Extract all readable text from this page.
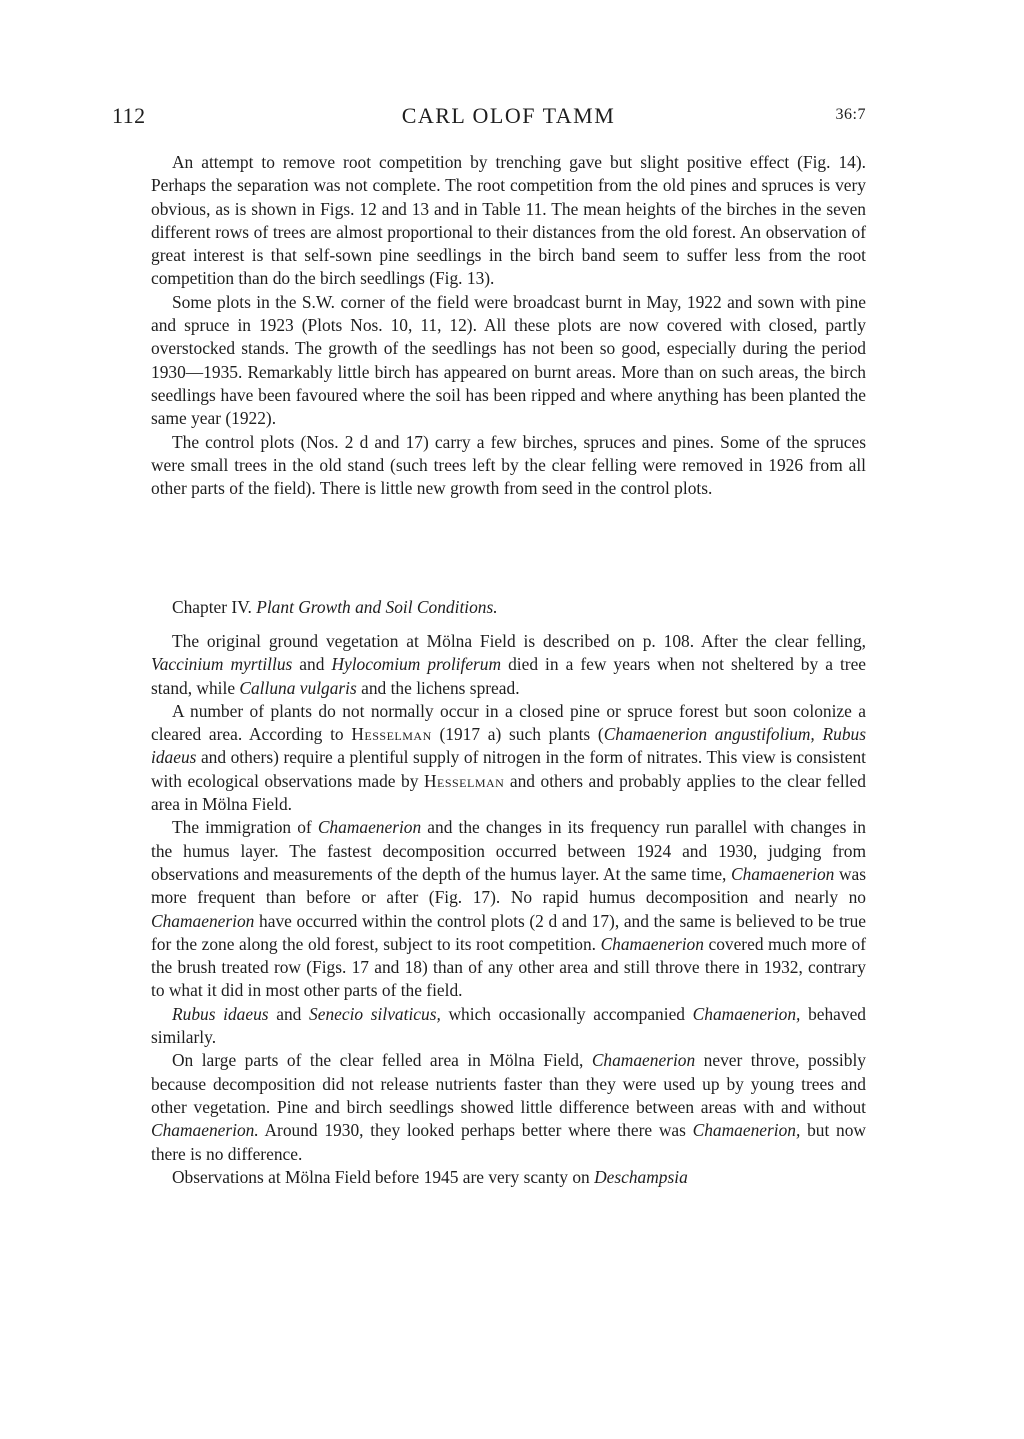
112	CARL OLOF TAMM	36:7

An attempt to remove root competition by trenching gave but slight positive effect (Fig. 14). Perhaps the separation was not complete. The root competition from the old pines and spruces is very obvious, as is shown in Figs. 12 and 13 and in Table 11. The mean heights of the birches in the seven different rows of trees are almost proportional to their distances from the old forest. An observation of great interest is that self-sown pine seedlings in the birch band seem to suffer less from the root competition than do the birch seedlings (Fig. 13).

Some plots in the S.W. corner of the field were broadcast burnt in May, 1922 and sown with pine and spruce in 1923 (Plots Nos. 10, 11, 12). All these plots are now covered with closed, partly overstocked stands. The growth of the seedlings has not been so good, especially during the period 1930—1935. Remarkably little birch has appeared on burnt areas. More than on such areas, the birch seedlings have been favoured where the soil has been ripped and where anything has been planted the same year (1922).

The control plots (Nos. 2 d and 17) carry a few birches, spruces and pines. Some of the spruces were small trees in the old stand (such trees left by the clear felling were removed in 1926 from all other parts of the field). There is little new growth from seed in the control plots.

Chapter IV. Plant Growth and Soil Conditions.

The original ground vegetation at Mölna Field is described on p. 108. After the clear felling, Vaccinium myrtillus and Hylocomium proliferum died in a few years when not sheltered by a tree stand, while Calluna vulgaris and the lichens spread.

A number of plants do not normally occur in a closed pine or spruce forest but soon colonize a cleared area. According to Hesselman (1917 a) such plants (Chamaenerion angustifolium, Rubus idaeus and others) require a plentiful supply of nitrogen in the form of nitrates. This view is consistent with ecological observations made by Hesselman and others and probably applies to the clear felled area in Mölna Field.

The immigration of Chamaenerion and the changes in its frequency run parallel with changes in the humus layer. The fastest decomposition occurred between 1924 and 1930, judging from observations and measurements of the depth of the humus layer. At the same time, Chamaenerion was more frequent than before or after (Fig. 17). No rapid humus decomposition and nearly no Chamaenerion have occurred within the control plots (2 d and 17), and the same is believed to be true for the zone along the old forest, subject to its root competition. Chamaenerion covered much more of the brush treated row (Figs. 17 and 18) than of any other area and still throve there in 1932, contrary to what it did in most other parts of the field.

Rubus idaeus and Senecio silvaticus, which occasionally accompanied Chamaenerion, behaved similarly.

On large parts of the clear felled area in Mölna Field, Chamaenerion never throve, possibly because decomposition did not release nutrients faster than they were used up by young trees and other vegetation. Pine and birch seedlings showed little difference between areas with and without Chamaenerion. Around 1930, they looked perhaps better where there was Chamaenerion, but now there is no difference.

Observations at Mölna Field before 1945 are very scanty on Deschampsia
